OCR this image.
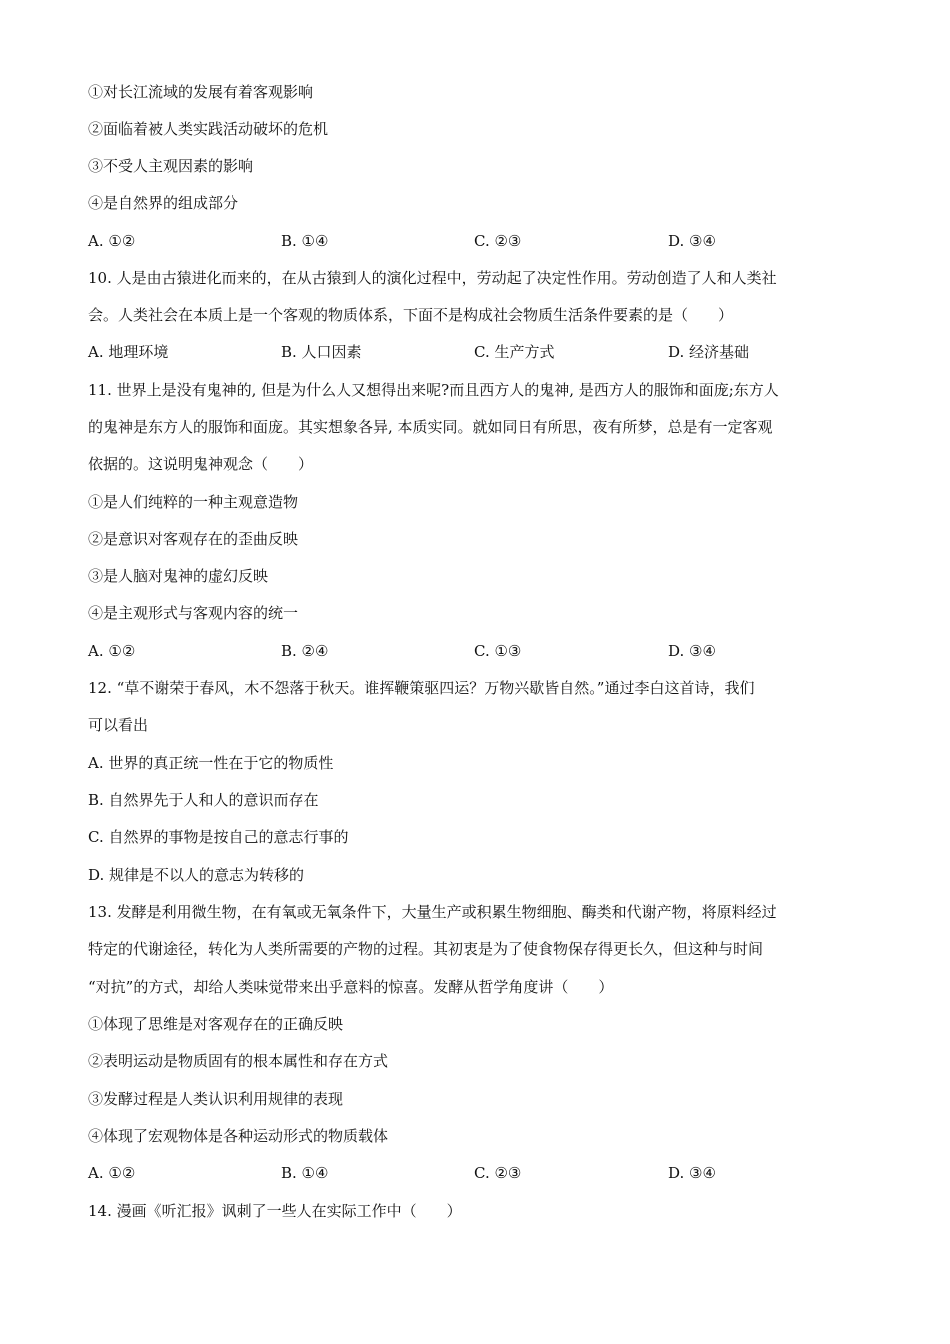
①对长江流域的发展有着客观影响
②面临着被人类实践活动破坏的危机
③不受人主观因素的影响
④是自然界的组成部分
A. ①②	B. ①④	C. ②③	D. ③④
10. 人是由古猿进化而来的，在从古猿到人的演化过程中，劳动起了决定性作用。劳动创造了人和人类社
会。人类社会在本质上是一个客观的物质体系，下面不是构成社会物质生活条件要素的是（　　）
A. 地理环境	B. 人口因素	C. 生产方式	D. 经济基础
11. 世界上是没有鬼神的, 但是为什么人又想得出来呢?而且西方人的鬼神, 是西方人的服饰和面庞;东方人
的鬼神是东方人的服饰和面庞。其实想象各异, 本质实同。就如同日有所思，夜有所梦，总是有一定客观
依据的。这说明鬼神观念（　　）
①是人们纯粹的一种主观意造物
②是意识对客观存在的歪曲反映
③是人脑对鬼神的虚幻反映
④是主观形式与客观内容的统一
A. ①②	B. ②④	C. ①③	D. ③④
12. “草不谢荣于春风，木不怨落于秋天。谁挥鞭策驱四运？万物兴歇皆自然。”通过李白这首诗，我们
可以看出
A. 世界的真正统一性在于它的物质性
B. 自然界先于人和人的意识而存在
C. 自然界的事物是按自己的意志行事的
D. 规律是不以人的意志为转移的
13. 发酵是利用微生物，在有氧或无氧条件下，大量生产或积累生物细胞、酶类和代谢产物，将原料经过
特定的代谢途径，转化为人类所需要的产物的过程。其初衷是为了使食物保存得更长久，但这种与时间
“对抗”的方式，却给人类味觉带来出乎意料的惊喜。发酵从哲学角度讲（　　）
①体现了思维是对客观存在的正确反映
②表明运动是物质固有的根本属性和存在方式
③发酵过程是人类认识利用规律的表现
④体现了宏观物体是各种运动形式的物质载体
A. ①②	B. ①④	C. ②③	D. ③④
14. 漫画《听汇报》讽刺了一些人在实际工作中（　　）
